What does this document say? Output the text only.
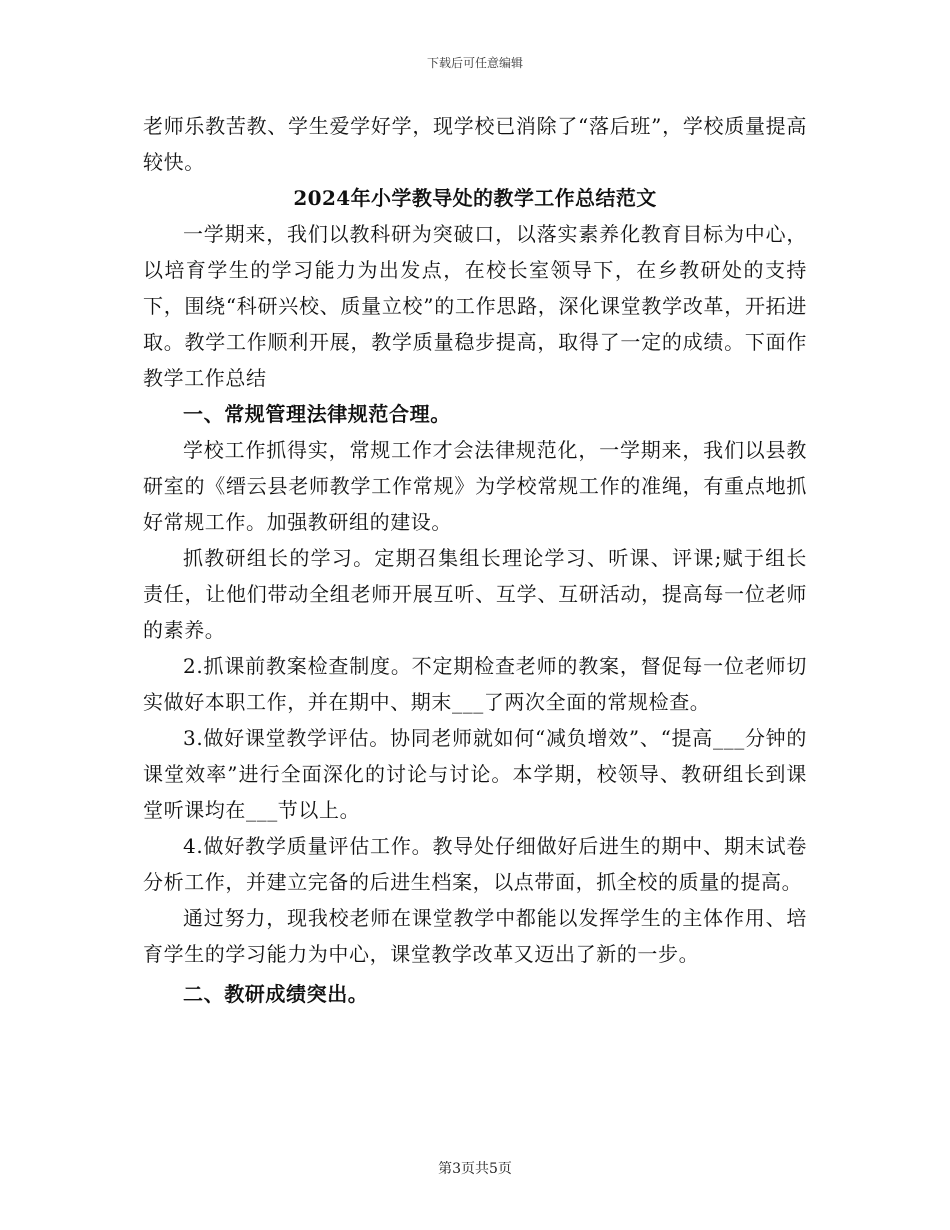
下载后可任意编辑

老师乐教苦教、学生爱学好学，现学校已消除了“落后班”，学校质量提高较快。

2024年小学教导处的教学工作总结范文

一学期来，我们以教科研为突破口，以落实素养化教育目标为中心，以培育学生的学习能力为出发点，在校长室领导下，在乡教研处的支持下，围绕“科研兴校、质量立校”的工作思路，深化课堂教学改革，开拓进取。教学工作顺利开展，教学质量稳步提高，取得了一定的成绩。下面作教学工作总结

一、常规管理法律规范合理。

学校工作抓得实，常规工作才会法律规范化，一学期来，我们以县教研室的《缙云县老师教学工作常规》为学校常规工作的准绳，有重点地抓好常规工作。加强教研组的建设。

抓教研组长的学习。定期召集组长理论学习、听课、评课;赋于组长责任，让他们带动全组老师开展互听、互学、互研活动，提高每一位老师的素养。

2.抓课前教案检查制度。不定期检查老师的教案，督促每一位老师切实做好本职工作，并在期中、期末___了两次全面的常规检查。

3.做好课堂教学评估。协同老师就如何“减负增效”、“提高___分钟的课堂效率”进行全面深化的讨论与讨论。本学期，校领导、教研组长到课堂听课均在___节以上。

4.做好教学质量评估工作。教导处仔细做好后进生的期中、期末试卷分析工作，并建立完备的后进生档案，以点带面，抓全校的质量的提高。

通过努力，现我校老师在课堂教学中都能以发挥学生的主体作用、培育学生的学习能力为中心，课堂教学改革又迈出了新的一步。

二、教研成绩突出。

第3页共5页
